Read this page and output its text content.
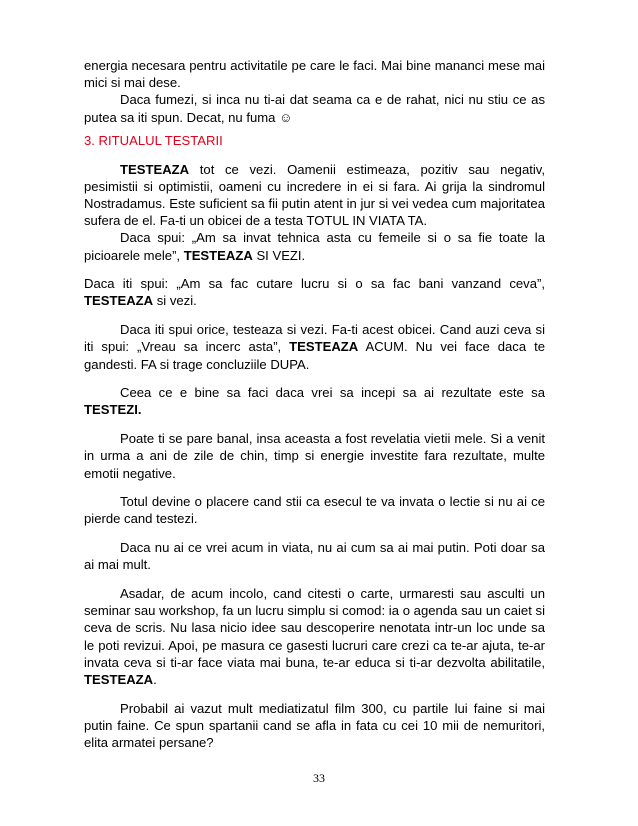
energia necesara pentru activitatile pe care le faci. Mai bine mananci mese mai mici si mai dese.

Daca fumezi, si inca nu ti-ai dat seama ca e de rahat, nici nu stiu ce as putea sa iti spun. Decat, nu fuma ☺

3. RITUALUL TESTARII

TESTEAZA tot ce vezi. Oamenii estimeaza, pozitiv sau negativ, pesimistii si optimistii, oameni cu incredere in ei si fara. Ai grija la sindromul Nostradamus. Este suficient sa fii putin atent in jur si vei vedea cum majoritatea sufera de el. Fa-ti un obicei de a testa TOTUL IN VIATA TA.

Daca spui: „Am sa invat tehnica asta cu femeile si o sa fie toate la picioarele mele”, TESTEAZA SI VEZI.

Daca iti spui: „Am sa fac cutare lucru si o sa fac bani vanzand ceva”, TESTEAZA si vezi.

Daca iti spui orice, testeaza si vezi. Fa-ti acest obicei. Cand auzi ceva si iti spui: „Vreau sa incerc asta”, TESTEAZA ACUM. Nu vei face daca te gandesti. FA si trage concluziile DUPA.

Ceea ce e bine sa faci daca vrei sa incepi sa ai rezultate este sa TESTEZI.

Poate ti se pare banal, insa aceasta a fost revelatia vietii mele. Si a venit in urma a ani de zile de chin, timp si energie investite fara rezultate, multe emotii negative.

Totul devine o placere cand stii ca esecul te va invata o lectie si nu ai ce pierde cand testezi.

Daca nu ai ce vrei acum in viata, nu ai cum sa ai mai putin. Poti doar sa ai mai mult.

Asadar, de acum incolo, cand citesti o carte, urmaresti sau asculti un seminar sau workshop, fa un lucru simplu si comod: ia o agenda sau un caiet si ceva de scris. Nu lasa nicio idee sau descoperire nenotata intr-un loc unde sa le poti revizui. Apoi, pe masura ce gasesti lucruri care crezi ca te-ar ajuta, te-ar invata ceva si ti-ar face viata mai buna, te-ar educa si ti-ar dezvolta abilitatile, TESTEAZA.

Probabil ai vazut mult mediatizatul film 300, cu partile lui faine si mai putin faine. Ce spun spartanii cand se afla in fata cu cei 10 mii de nemuritori, elita armatei persane?

33
